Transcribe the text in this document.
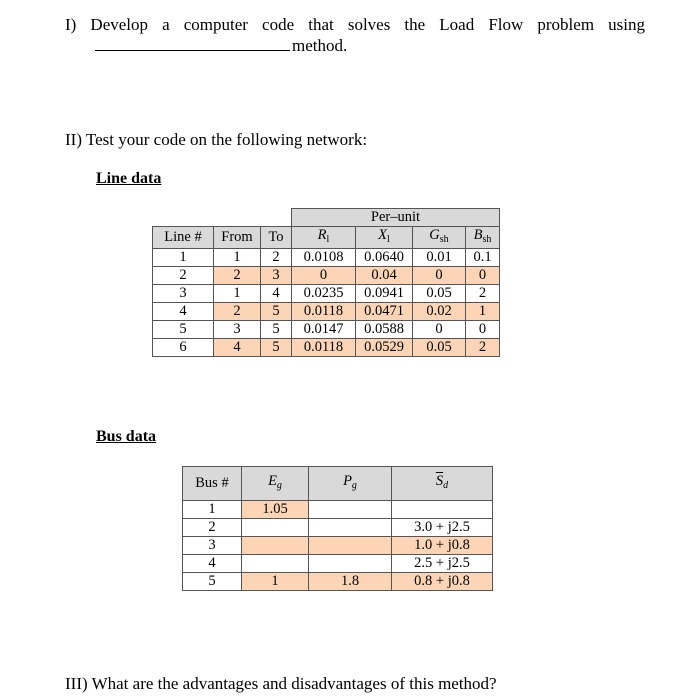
I) Develop a computer code that solves the Load Flow problem using
method.
II) Test your code on the following network:
Line data
			Per–unit			
Line #	From	To	$R_l$	$X_l$	$G_{sh}$	$B_{sh}$
1	1	2	0.0108	0.0640	0.01	0.1
2	2	3	0	0.04	0	0
3	1	4	0.0235	0.0941	0.05	2
4	2	5	0.0118	0.0471	0.02	1
5	3	5	0.0147	0.0588	0	0
6	4	5	0.0118	0.0529	0.05	2
Bus data
Bus #	$E_g$	$P_g$	$\overline{S}_d$
1	1.05		
2			3.0 + j2.5
3			1.0 + j0.8
4			2.5 + j2.5
5	1	1.8	0.8 + j0.8
III) What are the advantages and disadvantages of this method?
